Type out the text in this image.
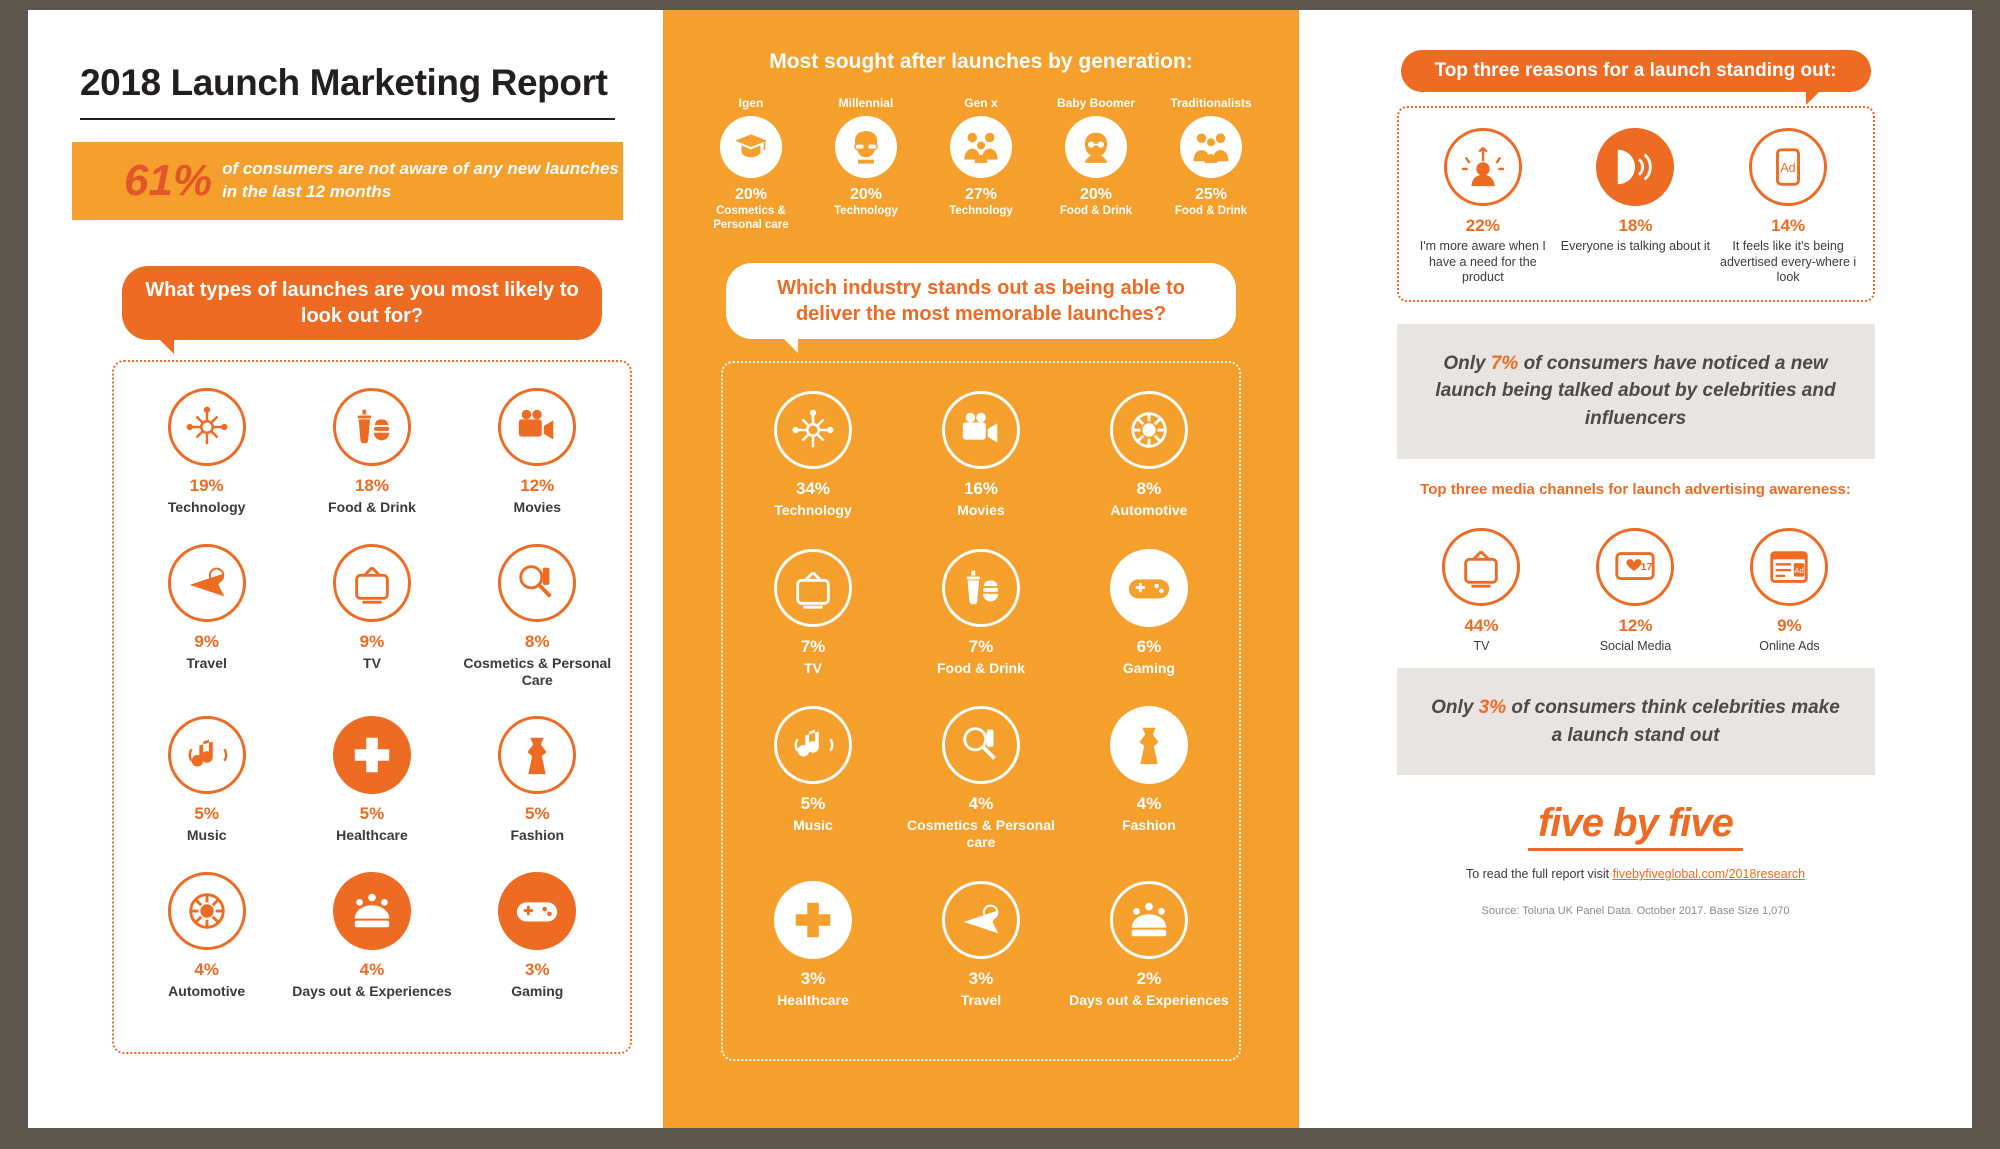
2018 Launch Marketing Report
61% of consumers are not aware of any new launches in the last 12 months
What types of launches are you most likely to look out for?
19%
Technology
18%
Food & Drink
12%
Movies
9%
Travel
9%
TV
8%
Cosmetics & Personal Care
5%
Music
5%
Healthcare
5%
Fashion
4%
Automotive
4%
Days out & Experiences
3%
Gaming
Most sought after launches by generation:
Igen
20%
Cosmetics & Personal care
Millennial
20%
Technology
Gen x
27%
Technology
Baby Boomer
20%
Food & Drink
Traditionalists
25%
Food & Drink
Which industry stands out as being able to deliver the most memorable launches?
34%
Technology
16%
Movies
8%
Automotive
7%
TV
7%
Food & Drink
6%
Gaming
5%
Music
4%
Cosmetics & Personal care
4%
Fashion
3%
Healthcare
3%
Travel
2%
Days out & Experiences
Top three reasons for a launch standing out:
22%
I'm more aware when I have a need for the product
18%
Everyone is talking about it
Ad
14%
It feels like it's being advertised every-where i look

Only 7% of consumers have noticed a new launch being talked about by celebrities and influencers

Top three media channels for launch advertising awareness:
44%
TV
17
12%
Social Media
Ad
9%
Online Ads

Only 3% of consumers think celebrities make a launch stand out

five by five
To read the full report visit fivebyfiveglobal.com/2018research
Source: Toluna UK Panel Data. October 2017. Base Size 1,070
